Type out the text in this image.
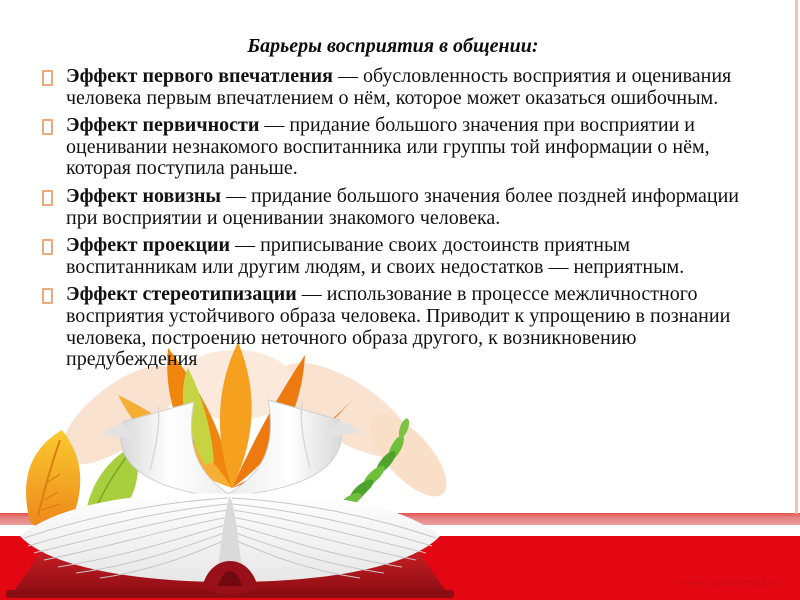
www.tvoyrebenok.ru
Барьеры восприятия в общении:
Эффект первого впечатления — обусловленность восприятия и оценивания человека первым впечатлением о нём, которое может оказаться ошибочным.
Эффект первичности — придание большого значения при восприятии и оценивании незнакомого воспитанника или группы той информации о нём, которая поступила раньше.
Эффект новизны — придание большого значения более поздней информации при восприятии и оценивании знакомого человека.
Эффект проекции — приписывание своих достоинств приятным воспитанникам или другим людям, и своих недостатков — неприятным.
Эффект стереотипизации — использование в процессе межличностного восприятия устойчивого образа человека. Приводит к упрощению в познании человека, построению неточного образа другого, к возникновению предубеждения
